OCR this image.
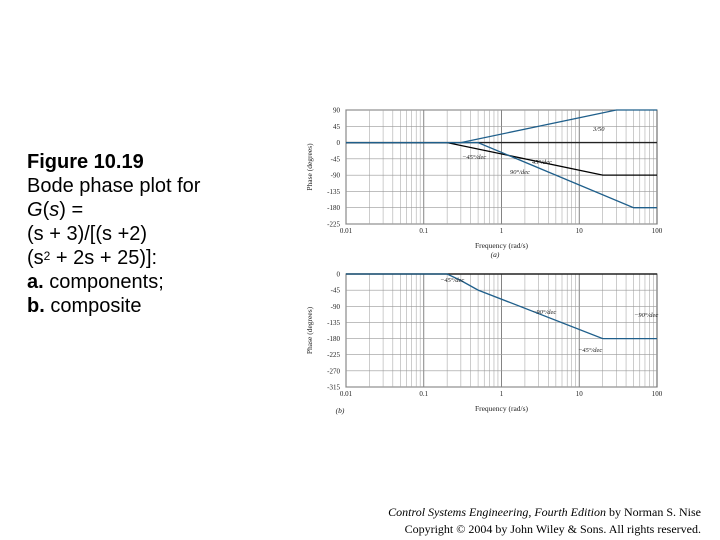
Figure 10.19
Bode phase plot for
G(s) =
(s + 3)/[(s +2)
$(s^2 + 2s + 25)$]:
a. components;
b. composite
90
45
0
-45
-90
-135
-180
-225
0.01	0.1	1	10	100
Frequency (rad/s)
Phase (degrees)
(a)
45°/dec
−45°/dec
90°/dec
3/50
0
-45
-90
-135
-180
-225
-270
-315
0.01	0.1	1	10	100
Frequency (rad/s)
Phase (degrees)
(b)
−45°/dec
−90°/dec
−45°/dec
−90°/dec
Control Systems Engineering, Fourth Edition by Norman S. Nise
Copyright © 2004 by John Wiley & Sons. All rights reserved.
